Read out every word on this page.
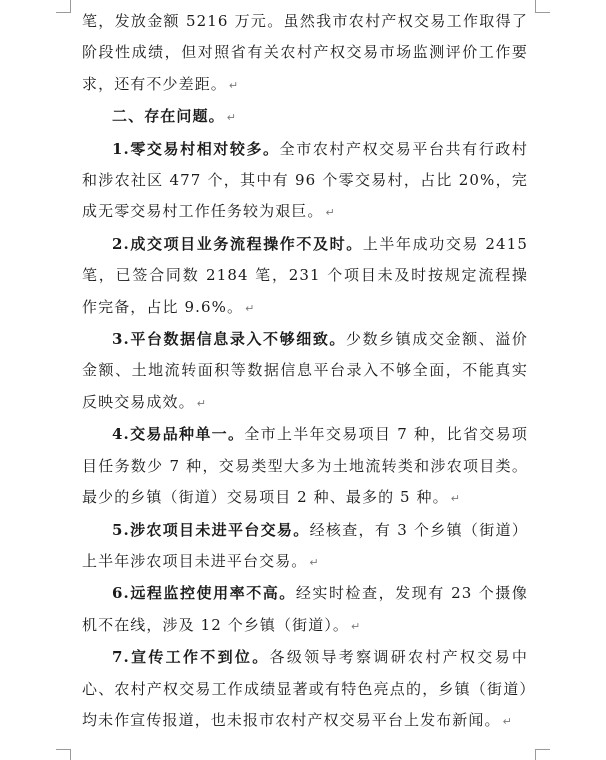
笔，发放金额 5216 万元。虽然我市农村产权交易工作取得了阶段性成绩，但对照省有关农村产权交易市场监测评价工作要求，还有不少差距。 ↵

二、存在问题。 ↵

1.零交易村相对较多。全市农村产权交易平台共有行政村和涉农社区 477 个，其中有 96 个零交易村，占比 20%，完成无零交易村工作任务较为艰巨。 ↵

2.成交项目业务流程操作不及时。上半年成功交易 2415 笔，已签合同数 2184 笔，231 个项目未及时按规定流程操作完备，占比 9.6%。 ↵

3.平台数据信息录入不够细致。少数乡镇成交金额、溢价金额、土地流转面积等数据信息平台录入不够全面，不能真实反映交易成效。 ↵

4.交易品种单一。全市上半年交易项目 7 种，比省交易项目任务数少 7 种，交易类型大多为土地流转类和涉农项目类。最少的乡镇（街道）交易项目 2 种、最多的 5 种。 ↵

5.涉农项目未进平台交易。经核查，有 3 个乡镇（街道）上半年涉农项目未进平台交易。 ↵

6.远程监控使用率不高。经实时检查，发现有 23 个摄像机不在线，涉及 12 个乡镇（街道）。 ↵

7.宣传工作不到位。各级领导考察调研农村产权交易中心、农村产权交易工作成绩显著或有特色亮点的，乡镇（街道）均未作宣传报道，也未报市农村产权交易平台上发布新闻。 ↵
